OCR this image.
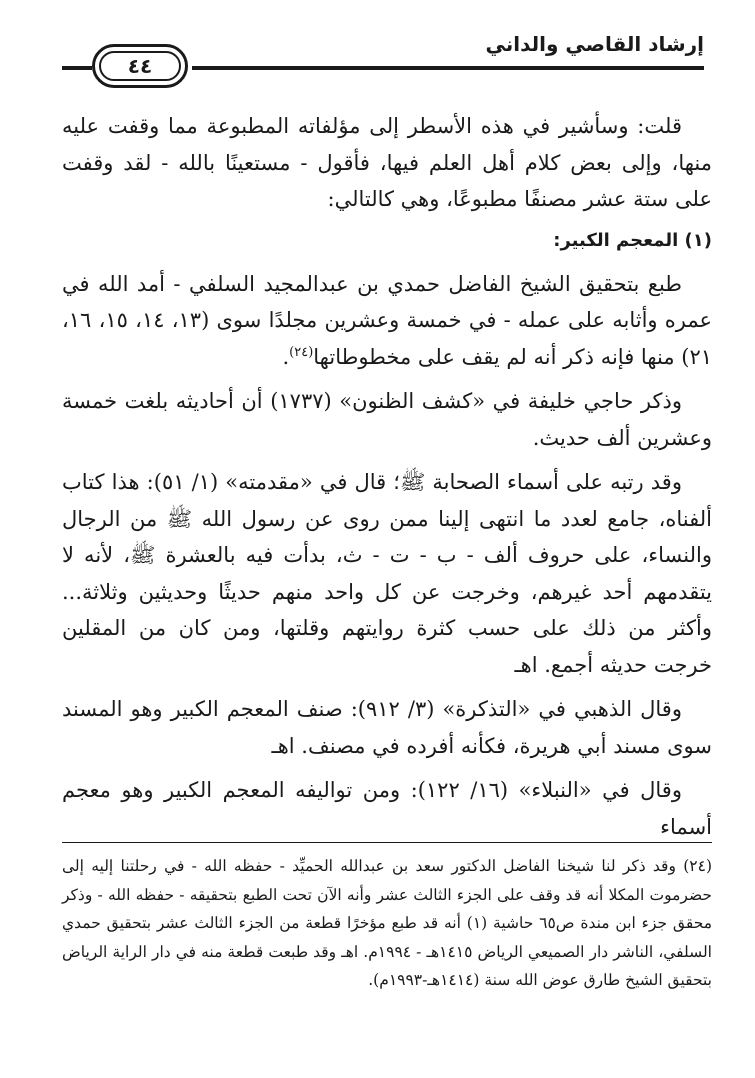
إرشاد القاصي والداني
٤٤

قلت: وسأشير في هذه الأسطر إلى مؤلفاته المطبوعة مما وقفت عليه منها، وإلى بعض كلام أهل العلم فيها، فأقول - مستعينًا بالله - لقد وقفت على ستة عشر مصنفًا مطبوعًا، وهي كالتالي:

(١) المعجم الكبير:

طبع بتحقيق الشيخ الفاضل حمدي بن عبدالمجيد السلفي - أمد الله في عمره وأثابه على عمله - في خمسة وعشرين مجلدًا سوى (١٣، ١٤، ١٥، ١٦، ٢١) منها فإنه ذكر أنه لم يقف على مخطوطاتها$^{(٢٤)}$.

وذكر حاجي خليفة في «كشف الظنون» (١٧٣٧) أن أحاديثه بلغت خمسة وعشرين ألف حديث.

وقد رتبه على أسماء الصحابة ﷺ؛ قال في «مقدمته» (١/ ٥١): هذا كتاب ألفناه، جامع لعدد ما انتهى إلينا ممن روى عن رسول الله ﷺ من الرجال والنساء، على حروف ألف - ب - ت - ث، بدأت فيه بالعشرة ﷺ، لأنه لا يتقدمهم أحد غيرهم، وخرجت عن كل واحد منهم حديثًا وحديثين وثلاثة... وأكثر من ذلك على حسب كثرة روايتهم وقلتها، ومن كان من المقلين خرجت حديثه أجمع. اهـ

وقال الذهبي في «التذكرة» (٣/ ٩١٢): صنف المعجم الكبير وهو المسند سوى مسند أبي هريرة، فكأنه أفرده في مصنف. اهـ

وقال في «النبلاء» (١٦/ ١٢٢): ومن تواليفه المعجم الكبير وهو معجم أسماء

(٢٤) وقد ذكر لنا شيخنا الفاضل الدكتور سعد بن عبدالله الحميِّد - حفظه الله - في رحلتنا إليه إلى حضرموت المكلا أنه قد وقف على الجزء الثالث عشر وأنه الآن تحت الطبع بتحقيقه - حفظه الله - وذكر محقق جزء ابن مندة ص٦٥ حاشية (١) أنه قد طبع مؤخرًا قطعة من الجزء الثالث عشر بتحقيق حمدي السلفي، الناشر دار الصميعي الرياض ١٤١٥هـ - ١٩٩٤م. اهـ وقد طبعت قطعة منه في دار الراية الرياض بتحقيق الشيخ طارق عوض الله سنة (١٤١٤هـ-١٩٩٣م).
